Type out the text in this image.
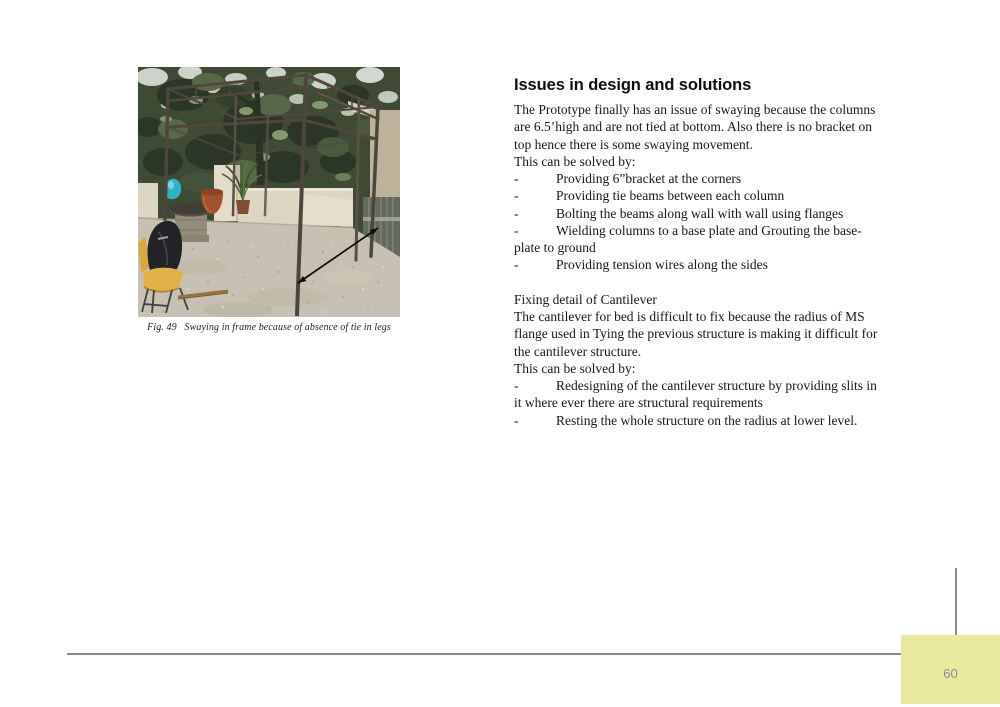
Fig. 49   Swaying in frame because of absence of tie in legs
Issues in design and solutions
The Prototype finally has an issue of swaying because the columns
are 6.5’high and are not tied at bottom. Also there is no bracket on
top hence there is some swaying movement.
This can be solved by:
-	Providing 6”bracket at the corners
-	Providing tie beams between each column
-	Bolting the beams along wall with wall using flanges
-	Wielding columns to a base plate and Grouting the base-
plate to ground
-	Providing tension wires along the sides
Fixing detail of Cantilever
The cantilever for bed is difficult to fix because the radius of MS
flange used in Tying the previous structure is making it difficult for
the cantilever structure.
This can be solved by:
-	Redesigning of the cantilever structure by providing slits in
it where ever there are structural requirements
-	Resting the whole structure on the radius at lower level.
60
